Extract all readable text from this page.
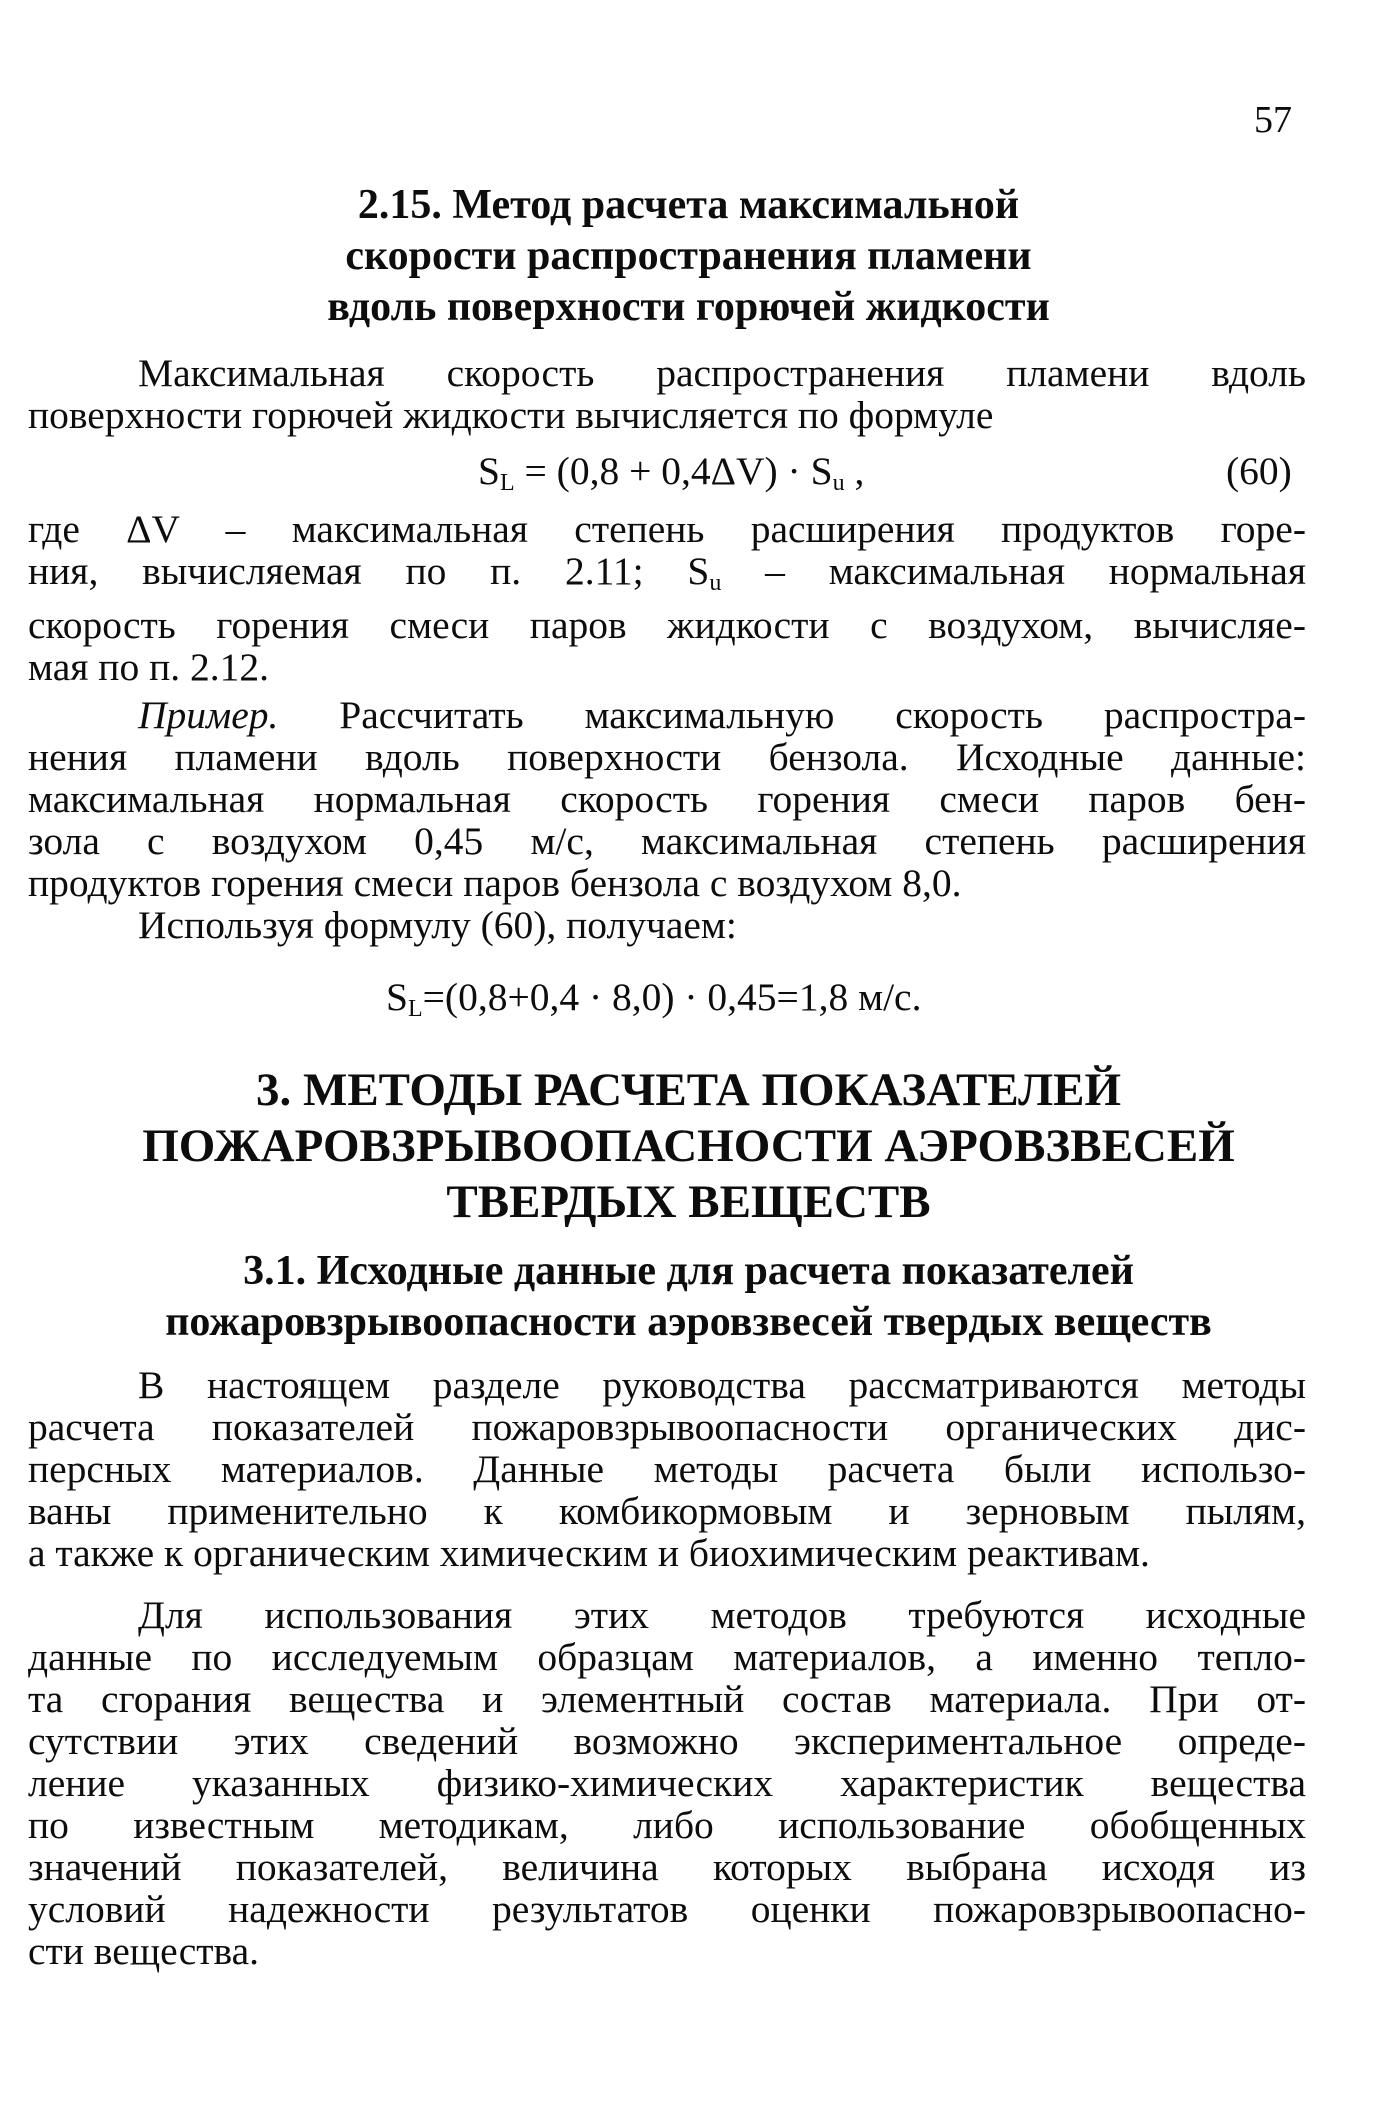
57
2.15. Метод расчета максимальной
скорости распространения пламени
вдоль поверхности горючей жидкости
Максимальная скорость распространения пламени вдоль
поверхности горючей жидкости вычисляется по формуле
$S_L = (0,8 + 0,4\Delta V) \cdot S_u$ ,	(60)
где ΔV – максимальная степень расширения продуктов горе-
ния, вычисляемая по п. 2.11; $S_u$ – максимальная нормальная
скорость горения смеси паров жидкости с воздухом, вычисляе-
мая по п. 2.12.
Пример. Рассчитать максимальную скорость распростра-
нения пламени вдоль поверхности бензола. Исходные данные:
максимальная нормальная скорость горения смеси паров бен-
зола с воздухом 0,45 м/с, максимальная степень расширения
продуктов горения смеси паров бензола с воздухом 8,0.
Используя формулу (60), получаем:
$S_L=(0,8+0,4 \cdot 8,0) \cdot 0,45=1,8$ м/с.
3. МЕТОДЫ РАСЧЕТА ПОКАЗАТЕЛЕЙ
ПОЖАРОВЗРЫВООПАСНОСТИ АЭРОВЗВЕСЕЙ
ТВЕРДЫХ ВЕЩЕСТВ
3.1. Исходные данные для расчета показателей
пожаровзрывоопасности аэровзвесей твердых веществ
В настоящем разделе руководства рассматриваются методы
расчета показателей пожаровзрывоопасности органических дис-
персных материалов. Данные методы расчета были использо-
ваны применительно к комбикормовым и зерновым пылям,
а также к органическим химическим и биохимическим реактивам.
Для использования этих методов требуются исходные
данные по исследуемым образцам материалов, а именно тепло-
та сгорания вещества и элементный состав материала. При от-
сутствии этих сведений возможно экспериментальное опреде-
ление указанных физико-химических характеристик вещества
по известным методикам, либо использование обобщенных
значений показателей, величина которых выбрана исходя из
условий надежности результатов оценки пожаровзрывоопасно-
сти вещества.
